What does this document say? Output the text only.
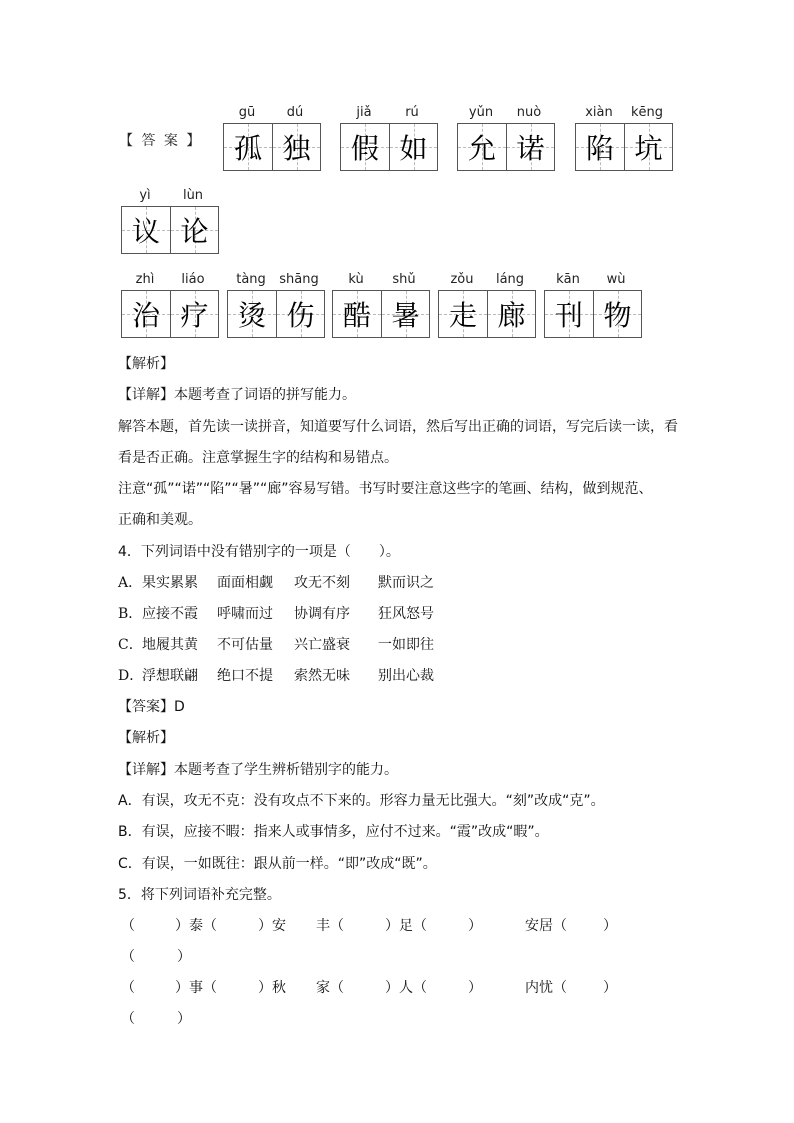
【 答 案 】
gū dú
孤 独
jiǎ	rú
假 如
yǔn nuò
允 诺
xiàn kēng
陷 坑
yì lùn
议 论
zhì liáo
治 疗
tàng shāng
烫 伤
kù shǔ
酷 暑
zǒu láng
走 廊
kān wù
刊 物
【解析】
【详解】本题考查了词语的拼写能力。
解答本题，首先读一读拼音，知道要写什么词语，然后写出正确的词语，写完后读一读，看
看是否正确。注意掌握生字的结构和易错点。
注意“孤”“诺”“陷”“暑”“廊”容易写错。书写时要注意这些字的笔画、结构，做到规范、
正确和美观。
4．下列词语中没有错别字的一项是（　　）。
A． 果实累累 面面相觑 攻无不刻 默而识之
B． 应接不霞 呼啸而过 协调有序 狂风怒号
C． 地履其黄 不可估量 兴亡盛衰 一如即往
D．
浮想联翩 绝口不提 索然无味 别出心裁
【答案】D
【解析】
【详解】本题考查了学生辨析错别字的能力。
A．有误，攻无不克：没有攻点不下来的。形容力量无比强大。“刻”改成“克”。
B．有误，应接不暇：指来人或事情多，应付不过来。“霞”改成“暇”。
C．有误，一如既往：跟从前一样。“即”改成“既”。
5．将下列词语补充完整。
（	）泰（	）安 丰（	）足（	）	安居（	）
（　　　）
（	）事（	）秋 家（	）人（	）	内忧（	）
（　　　）
